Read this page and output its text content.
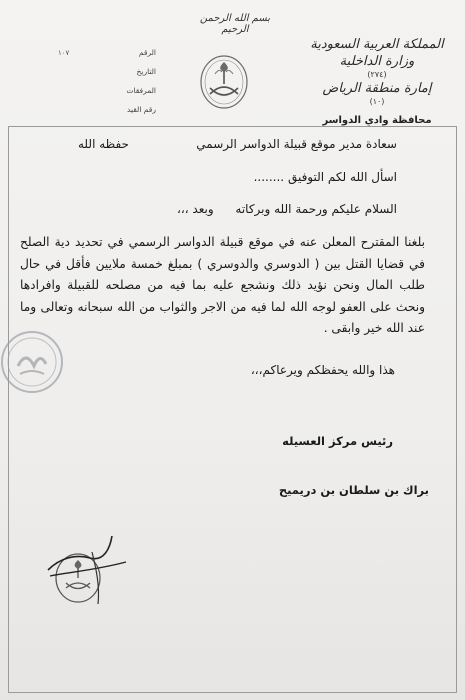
بسم الله الرحمن الرحيم
المملكة العربية السعودية
وزارة الداخلية
(٢٧٤)
إمارة منطقة الرياض
(١٠)
محافظة وادي الدواسر
الرقم
١٠٧
التاريخ
المرفقات
رقم القيد
سعادة مدير موقع قبيلة الدواسر الرسمي
حفظه الله
اسأل الله لكم التوفيق ........
السلام عليكم ورحمة الله وبركاته
وبعد ،،،
بلغنا المقترح المعلن عنه في موقع قبيلة الدواسر الرسمي في تحديد دية الصلح في قضايا القتل بين ( الدوسري والدوسري ) بمبلغ خمسة ملايين فأقل في حال طلب المال ونحن نؤيد ذلك ونشجع عليه بما فيه من مصلحه للقبيلة وافرادها ونحث على العفو لوجه الله لما فيه من الاجر والثواب من الله سبحانه وتعالى وما عند الله خير وابقى .
هذا والله يحفظكم ويرعاكم،،،
رئيس مركز العسيله
براك بن سلطان بن دريميح
